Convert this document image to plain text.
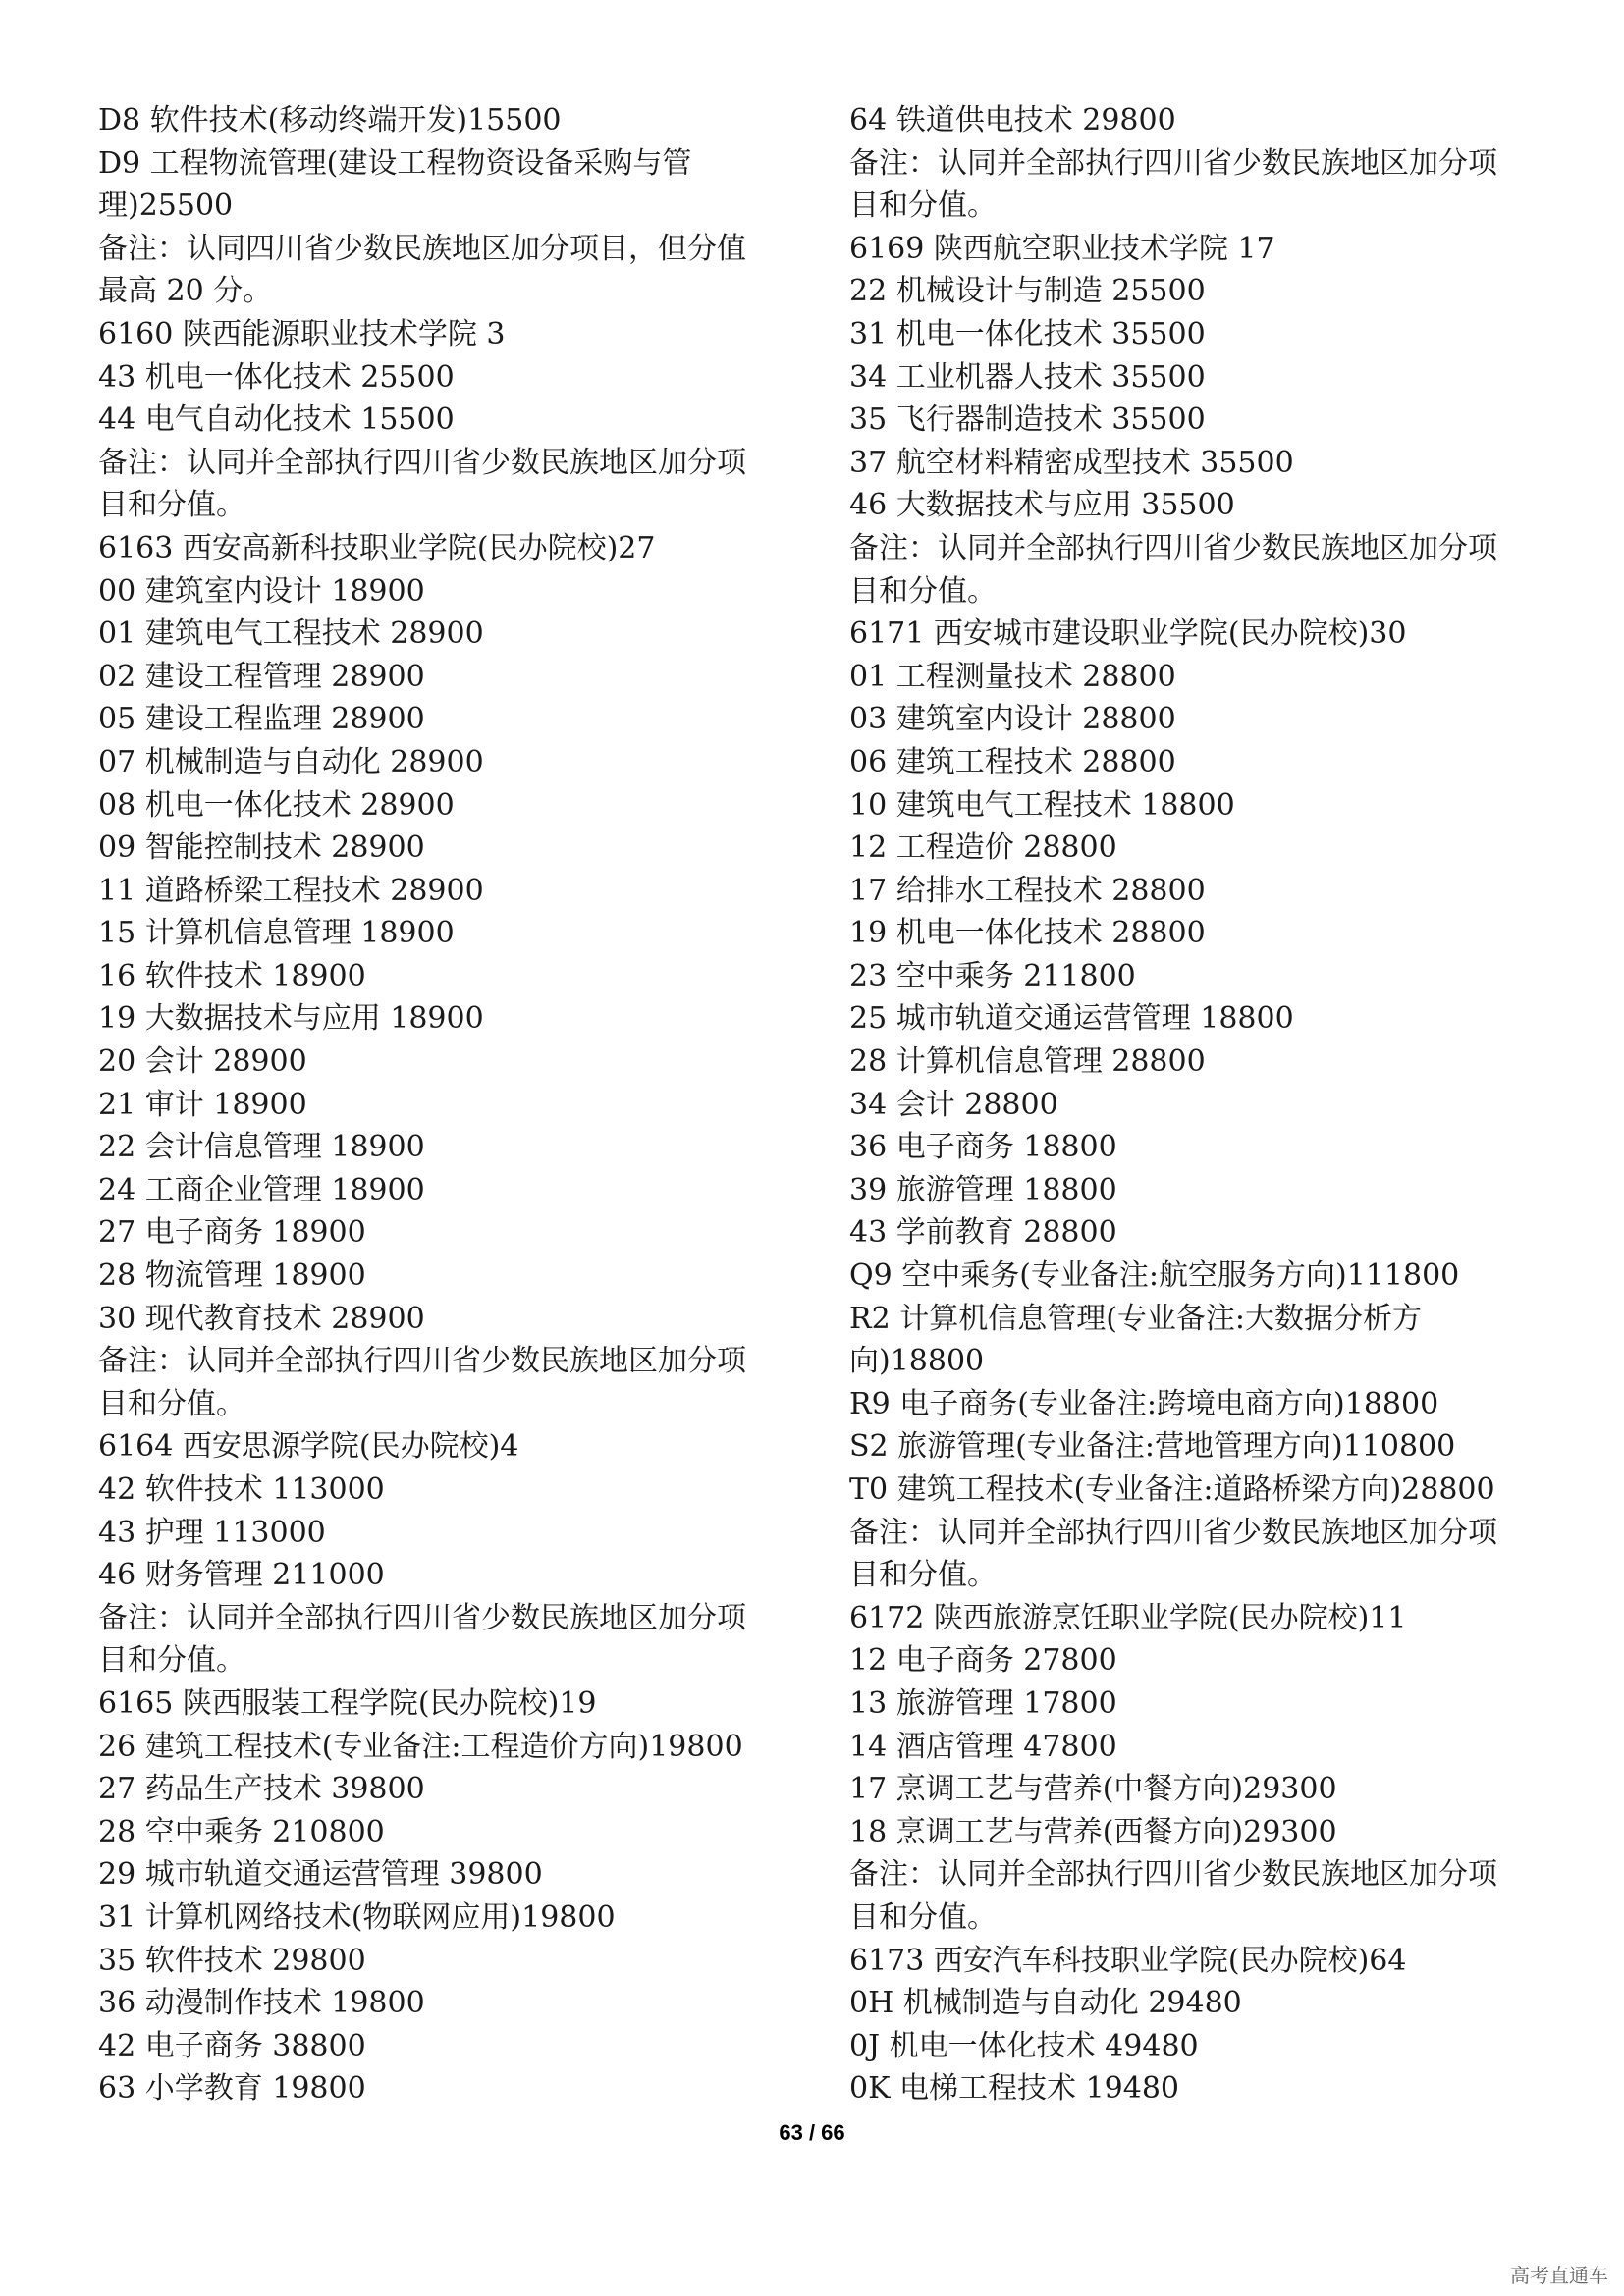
D8 软件技术(移动终端开发)15500
D9 工程物流管理(建设工程物资设备采购与管
理)25500
备注：认同四川省少数民族地区加分项目，但分值
最高 20 分。
6160 陕西能源职业技术学院 3
43 机电一体化技术 25500
44 电气自动化技术 15500
备注：认同并全部执行四川省少数民族地区加分项
目和分值。
6163 西安高新科技职业学院(民办院校)27
00 建筑室内设计 18900
01 建筑电气工程技术 28900
02 建设工程管理 28900
05 建设工程监理 28900
07 机械制造与自动化 28900
08 机电一体化技术 28900
09 智能控制技术 28900
11 道路桥梁工程技术 28900
15 计算机信息管理 18900
16 软件技术 18900
19 大数据技术与应用 18900
20 会计 28900
21 审计 18900
22 会计信息管理 18900
24 工商企业管理 18900
27 电子商务 18900
28 物流管理 18900
30 现代教育技术 28900
备注：认同并全部执行四川省少数民族地区加分项
目和分值。
6164 西安思源学院(民办院校)4
42 软件技术 113000
43 护理 113000
46 财务管理 211000
备注：认同并全部执行四川省少数民族地区加分项
目和分值。
6165 陕西服装工程学院(民办院校)19
26 建筑工程技术(专业备注:工程造价方向)19800
27 药品生产技术 39800
28 空中乘务 210800
29 城市轨道交通运营管理 39800
31 计算机网络技术(物联网应用)19800
35 软件技术 29800
36 动漫制作技术 19800
42 电子商务 38800
63 小学教育 19800
64 铁道供电技术 29800
备注：认同并全部执行四川省少数民族地区加分项
目和分值。
6169 陕西航空职业技术学院 17
22 机械设计与制造 25500
31 机电一体化技术 35500
34 工业机器人技术 35500
35 飞行器制造技术 35500
37 航空材料精密成型技术 35500
46 大数据技术与应用 35500
备注：认同并全部执行四川省少数民族地区加分项
目和分值。
6171 西安城市建设职业学院(民办院校)30
01 工程测量技术 28800
03 建筑室内设计 28800
06 建筑工程技术 28800
10 建筑电气工程技术 18800
12 工程造价 28800
17 给排水工程技术 28800
19 机电一体化技术 28800
23 空中乘务 211800
25 城市轨道交通运营管理 18800
28 计算机信息管理 28800
34 会计 28800
36 电子商务 18800
39 旅游管理 18800
43 学前教育 28800
Q9 空中乘务(专业备注:航空服务方向)111800
R2 计算机信息管理(专业备注:大数据分析方
向)18800
R9 电子商务(专业备注:跨境电商方向)18800
S2 旅游管理(专业备注:营地管理方向)110800
T0 建筑工程技术(专业备注:道路桥梁方向)28800
备注：认同并全部执行四川省少数民族地区加分项
目和分值。
6172 陕西旅游烹饪职业学院(民办院校)11
12 电子商务 27800
13 旅游管理 17800
14 酒店管理 47800
17 烹调工艺与营养(中餐方向)29300
18 烹调工艺与营养(西餐方向)29300
备注：认同并全部执行四川省少数民族地区加分项
目和分值。
6173 西安汽车科技职业学院(民办院校)64
0H 机械制造与自动化 29480
0J 机电一体化技术 49480
0K 电梯工程技术 19480
63 / 66
高考直通车
